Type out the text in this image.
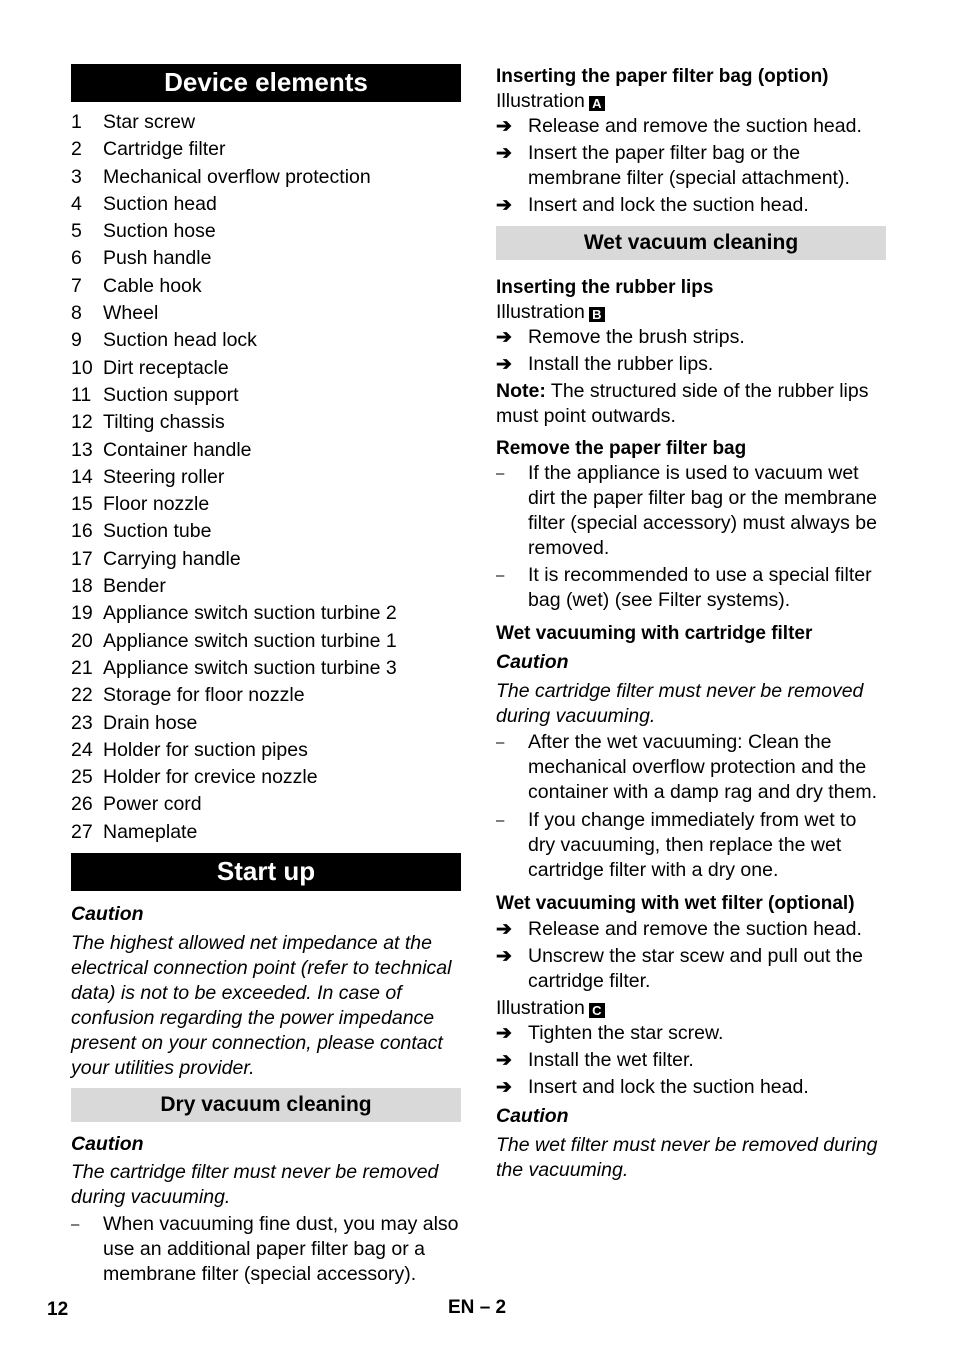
Device elements
1	Star screw
2	Cartridge filter
3	Mechanical overflow protection
4	Suction head
5	Suction hose
6	Push handle
7	Cable hook
8	Wheel
9	Suction head lock
10 Dirt receptacle
11 Suction support
12 Tilting chassis
13 Container handle
14 Steering roller
15 Floor nozzle
16 Suction tube
17 Carrying handle
18 Bender
19 Appliance switch suction turbine 2
20 Appliance switch suction turbine 1
21 Appliance switch suction turbine 3
22 Storage for floor nozzle
23 Drain hose
24 Holder for suction pipes
25 Holder for crevice nozzle
26 Power cord
27 Nameplate
Start up
Caution
The highest allowed net impedance at the electrical connection point (refer to technical data) is not to be exceeded. In case of confusion regarding the power impedance present on your connection, please contact your utilities provider.
Dry vacuum cleaning
Caution
The cartridge filter must never be removed during vacuuming.
–	When vacuuming fine dust, you may also use an additional paper filter bag or a membrane filter (special accessory).
Inserting the paper filter bag (option)
Illustration A
➔ Release and remove the suction head.
➔ Insert the paper filter bag or the membrane filter (special attachment).
➔ Insert and lock the suction head.
Wet vacuum cleaning
Inserting the rubber lips
Illustration B
➔ Remove the brush strips.
➔ Install the rubber lips.
Note: The structured side of the rubber lips must point outwards.
Remove the paper filter bag
–	If the appliance is used to vacuum wet dirt the paper filter bag or the membrane filter (special accessory) must always be removed.
–	It is recommended to use a special filter bag (wet) (see Filter systems).
Wet vacuuming with cartridge filter
Caution
The cartridge filter must never be removed during vacuuming.
–	After the wet vacuuming: Clean the mechanical overflow protection and the container with a damp rag and dry them.
–	If you change immediately from wet to dry vacuuming, then replace the wet cartridge filter with a dry one.
Wet vacuuming with wet filter (optional)
➔ Release and remove the suction head.
➔ Unscrew the star scew and pull out the cartridge filter.
Illustration C
➔ Tighten the star screw.
➔ Install the wet filter.
➔ Insert and lock the suction head.
Caution
The wet filter must never be removed during the vacuuming.
12	EN – 2
